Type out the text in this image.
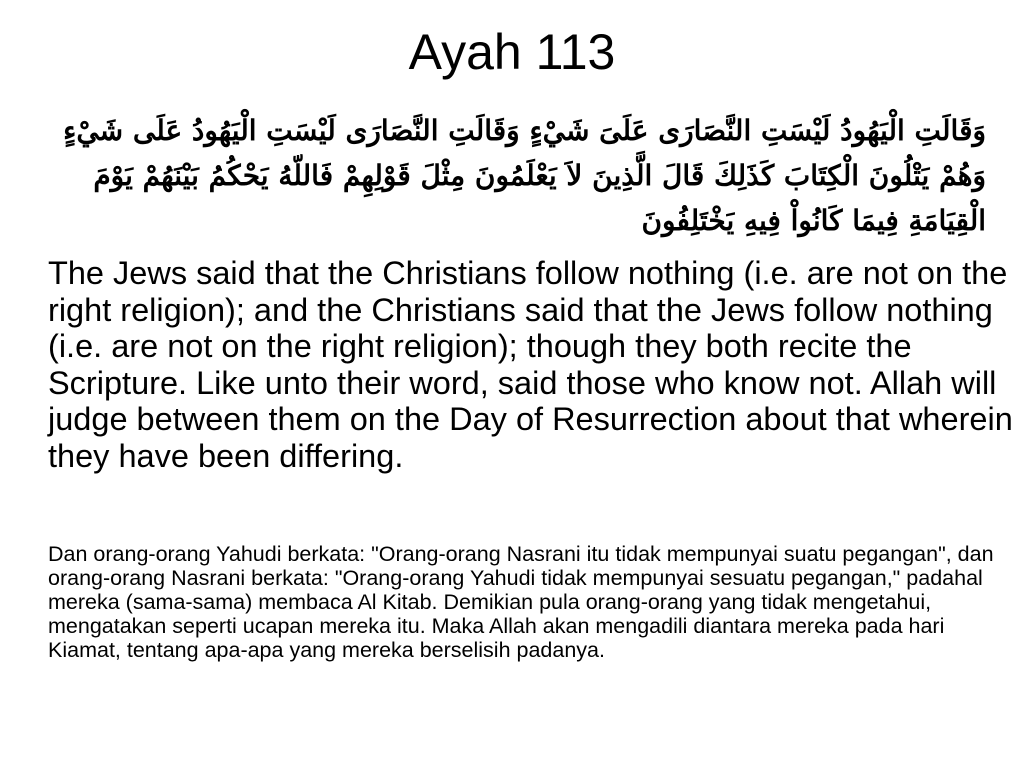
Ayah 113

وَقَالَتِ الْيَهُودُ لَيْسَتِ النَّصَارَى عَلَىَ شَيْءٍ وَقَالَتِ النَّصَارَى لَيْسَتِ الْيَهُودُ عَلَى شَيْءٍ وَهُمْ يَتْلُونَ الْكِتَابَ كَذَلِكَ قَالَ الَّذِينَ لاَ يَعْلَمُونَ مِثْلَ قَوْلِهِمْ فَاللّهُ يَحْكُمُ بَيْنَهُمْ يَوْمَ الْقِيَامَةِ فِيمَا كَانُواْ فِيهِ يَخْتَلِفُونَ

The Jews said that the Christians follow nothing (i.e. are not on the right religion); and the Christians said that the Jews follow nothing (i.e. are not on the right religion); though they both recite the Scripture. Like unto their word, said those who know not. Allah will judge between them on the Day of Resurrection about that wherein they have been differing.

Dan orang-orang Yahudi berkata: "Orang-orang Nasrani itu tidak mempunyai suatu pegangan", dan orang-orang Nasrani berkata: "Orang-orang Yahudi tidak mempunyai sesuatu pegangan," padahal mereka (sama-sama) membaca Al Kitab. Demikian pula orang-orang yang tidak mengetahui, mengatakan seperti ucapan mereka itu. Maka Allah akan mengadili diantara mereka pada hari Kiamat, tentang apa-apa yang mereka berselisih padanya.
